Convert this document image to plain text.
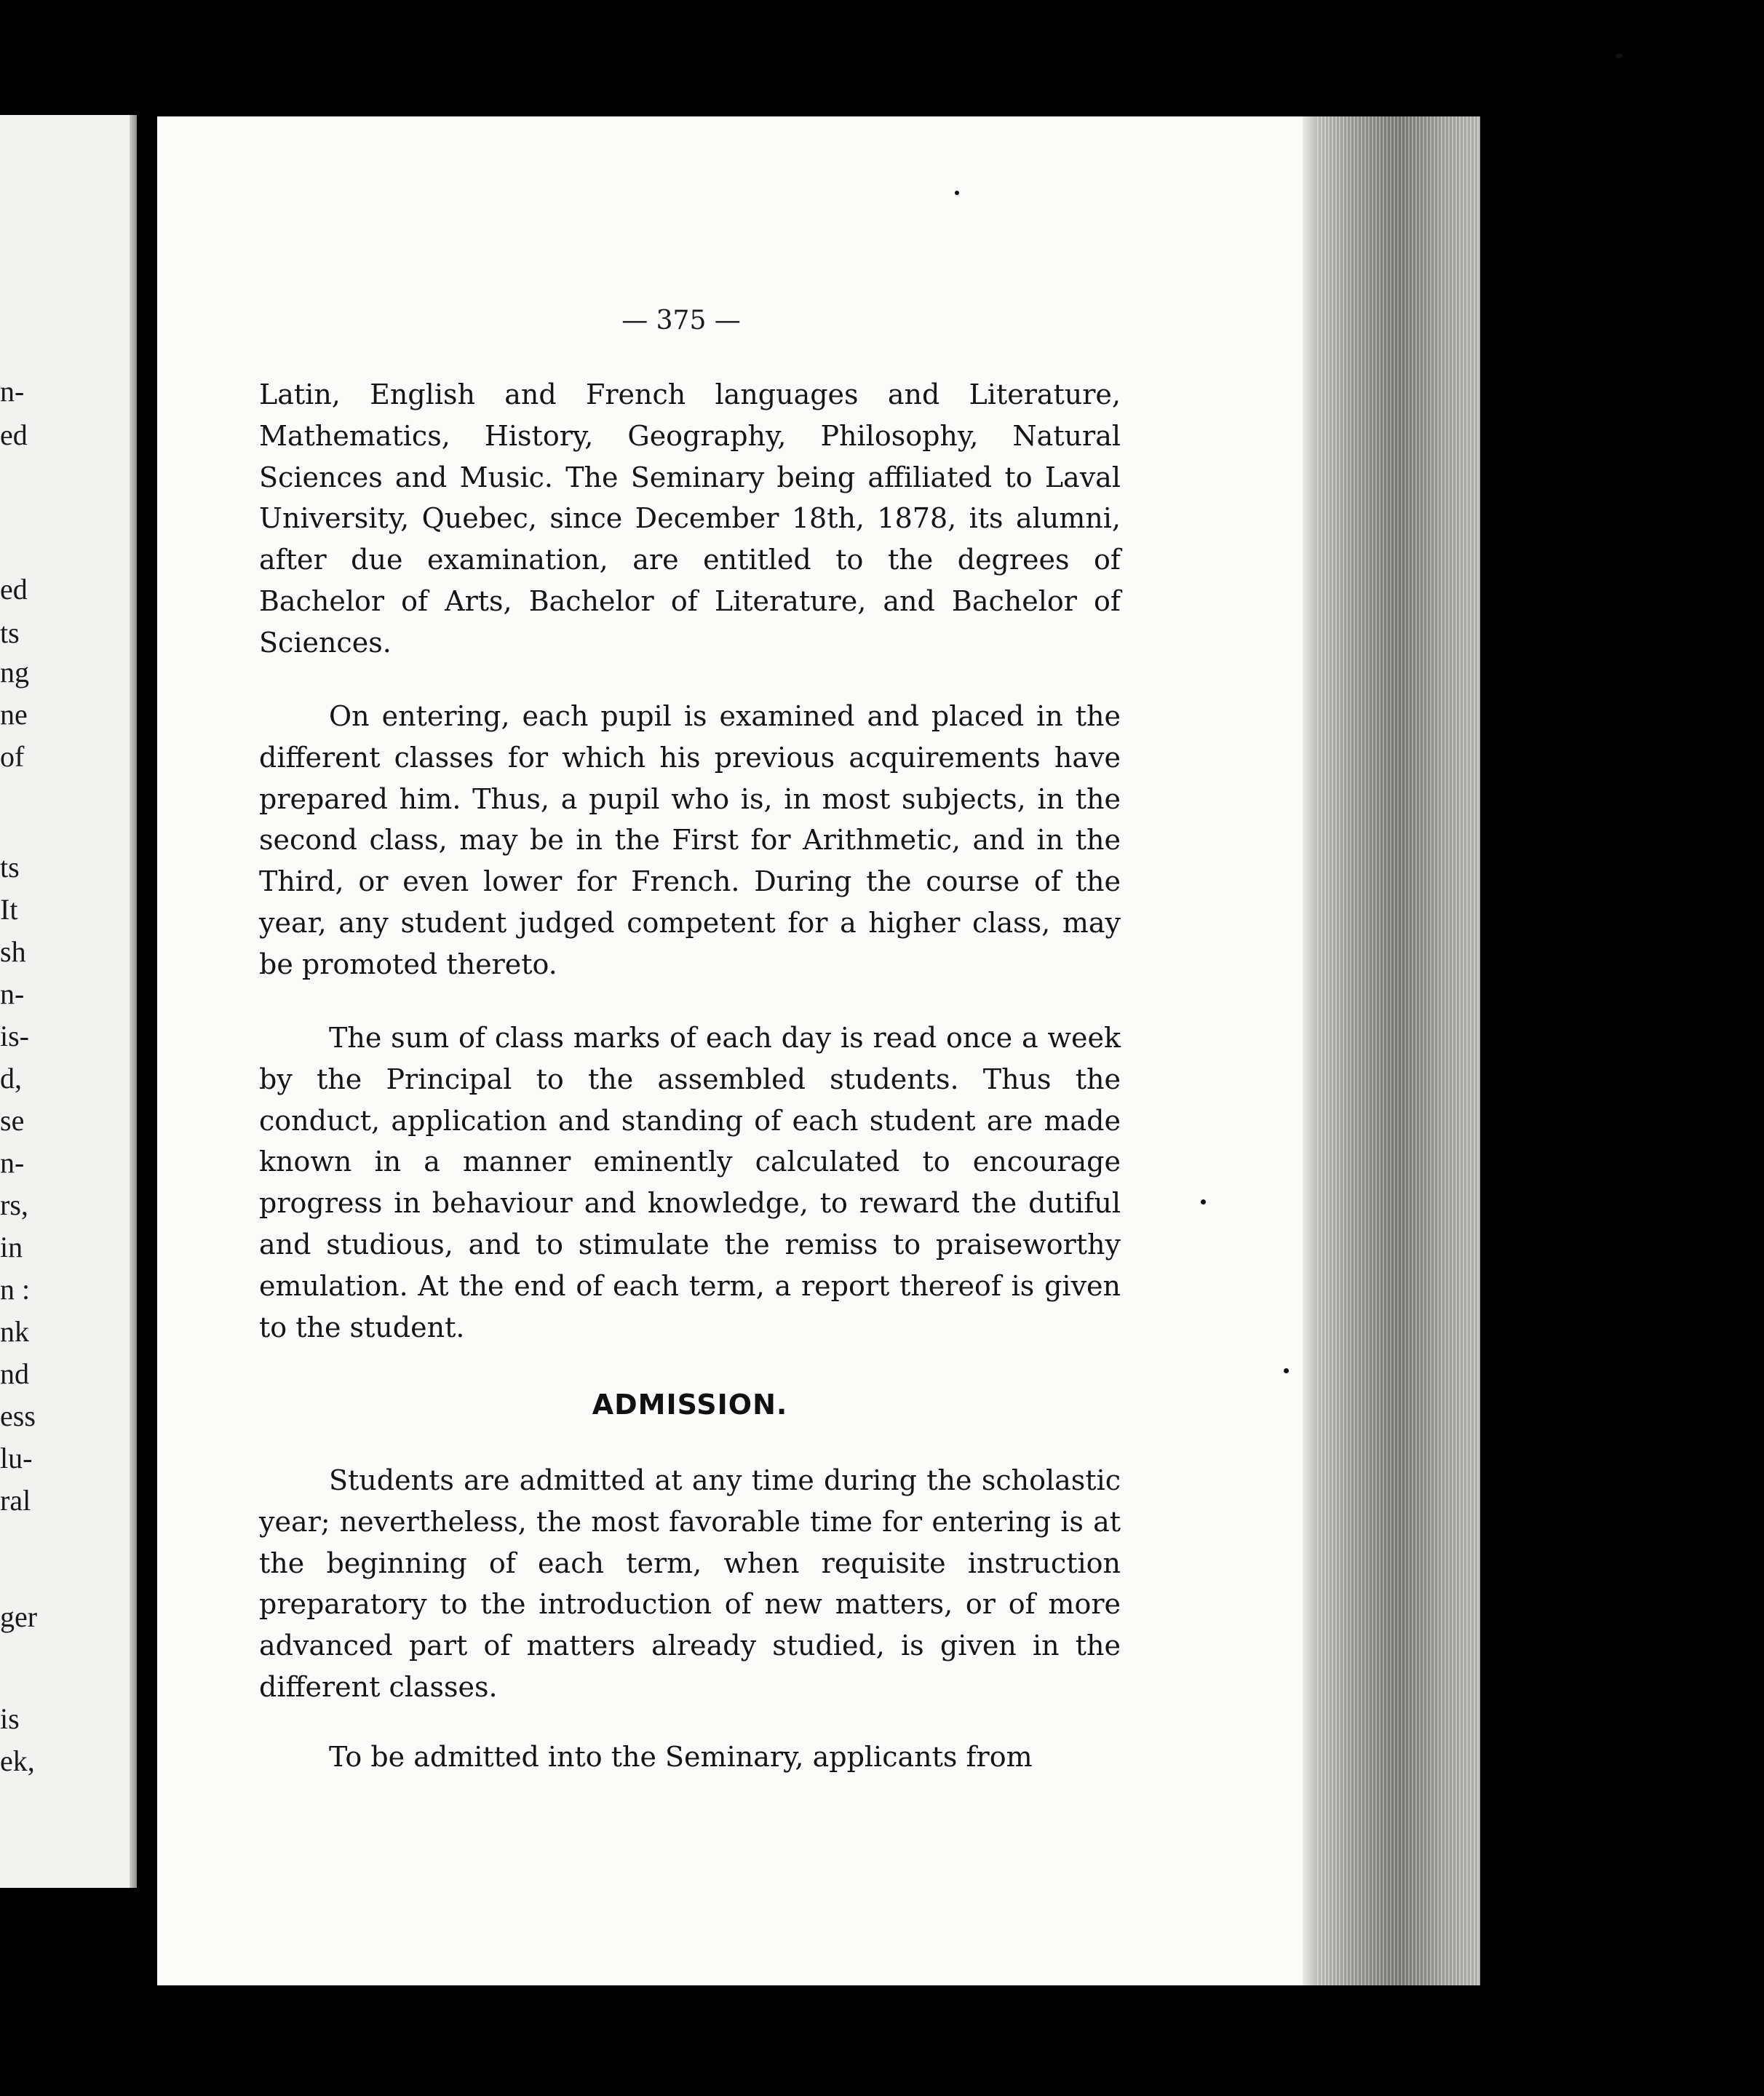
n-
ed
ed
ts
ng
ne
of
ts
It
sh
n-
is-
d,
se
n-
rs,
in
n :
nk
nd
ess
lu-
ral
ger
is
ek,
— 375 —

Latin, English and French languages and Literature, Mathematics, History, Geography, Philosophy, Natural Sciences and Music. The Seminary being affiliated to Laval University, Quebec, since December 18th, 1878, its alumni, after due examination, are entitled to the degrees of Bachelor of Arts, Bachelor of Literature, and Bachelor of Sciences.

On entering, each pupil is examined and placed in the different classes for which his previous acquirements have prepared him. Thus, a pupil who is, in most subjects, in the second class, may be in the First for Arithmetic, and in the Third, or even lower for French. During the course of the year, any student judged competent for a higher class, may be promoted thereto.

The sum of class marks of each day is read once a week by the Principal to the assembled students. Thus the conduct, application and standing of each student are made known in a manner eminently calculated to encourage progress in behaviour and knowledge, to reward the dutiful and studious, and to stimulate the remiss to praiseworthy emulation. At the end of each term, a report thereof is given to the student.

ADMISSION.

Students are admitted at any time during the scholastic year; nevertheless, the most favorable time for entering is at the beginning of each term, when requisite instruction preparatory to the introduction of new matters, or of more advanced part of matters already studied, is given in the different classes.

To be admitted into the Seminary, applicants from
